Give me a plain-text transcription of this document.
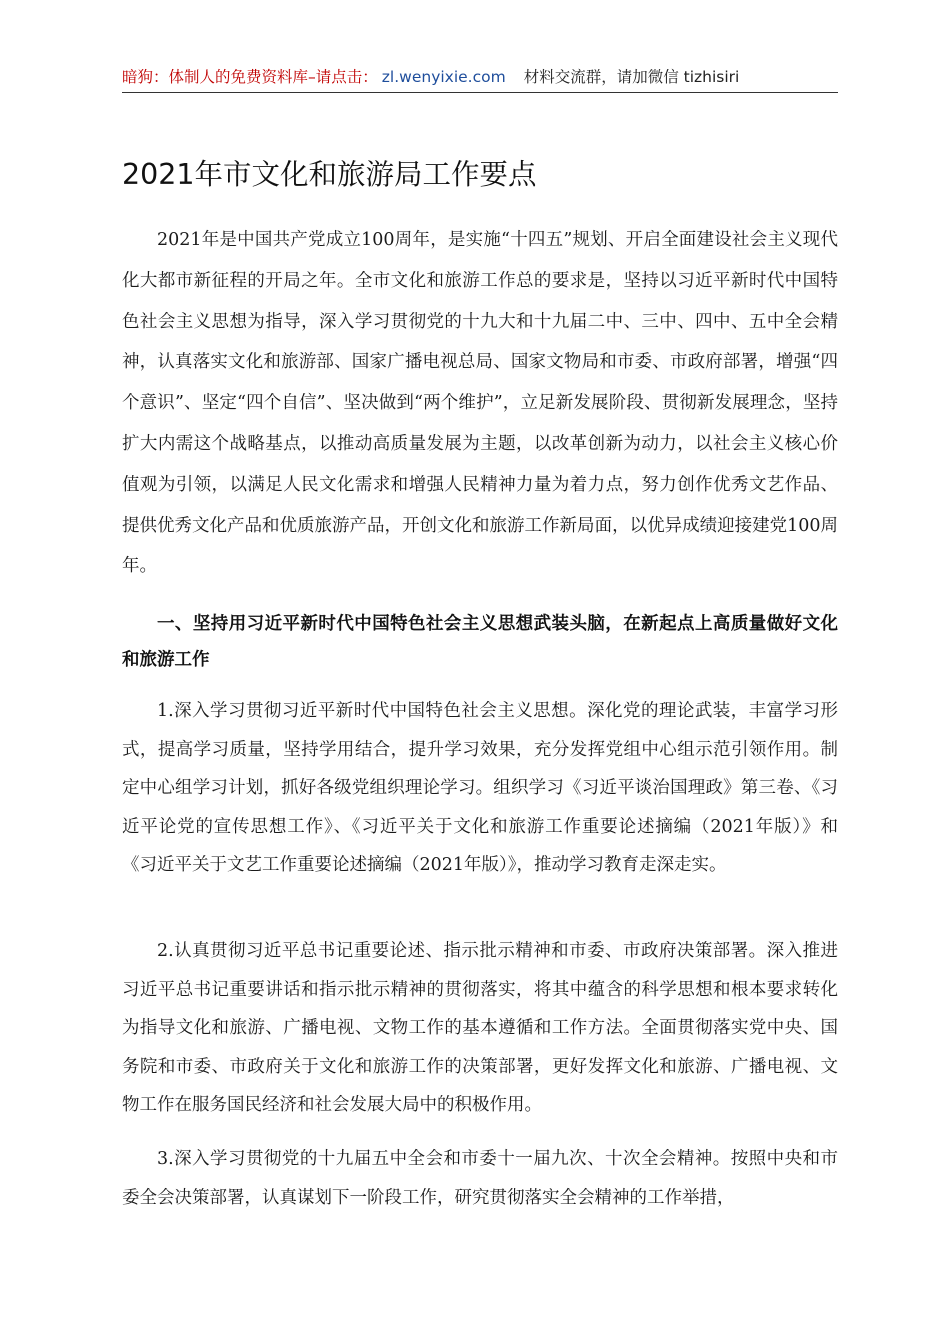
暗狗：体制人的免费资料库–请点击： zl.wenyixie.com 材料交流群，请加微信 tizhisiri
2021年市文化和旅游局工作要点

2021年是中国共产党成立100周年，是实施“十四五”规划、开启全面建设社会主义现代化大都市新征程的开局之年。全市文化和旅游工作总的要求是，坚持以习近平新时代中国特色社会主义思想为指导，深入学习贯彻党的十九大和十九届二中、三中、四中、五中全会精神，认真落实文化和旅游部、国家广播电视总局、国家文物局和市委、市政府部署，增强“四个意识”、坚定“四个自信”、坚决做到“两个维护”，立足新发展阶段、贯彻新发展理念，坚持扩大内需这个战略基点，以推动高质量发展为主题，以改革创新为动力，以社会主义核心价值观为引领，以满足人民文化需求和增强人民精神力量为着力点，努力创作优秀文艺作品、提供优秀文化产品和优质旅游产品，开创文化和旅游工作新局面，以优异成绩迎接建党100周年。

一、坚持用习近平新时代中国特色社会主义思想武装头脑，在新起点上高质量做好文化和旅游工作

1.深入学习贯彻习近平新时代中国特色社会主义思想。深化党的理论武装，丰富学习形式，提高学习质量，坚持学用结合，提升学习效果，充分发挥党组中心组示范引领作用。制定中心组学习计划，抓好各级党组织理论学习。组织学习《习近平谈治国理政》第三卷、《习近平论党的宣传思想工作》、《习近平关于文化和旅游工作重要论述摘编（2021年版）》和《习近平关于文艺工作重要论述摘编（2021年版）》，推动学习教育走深走实。

2.认真贯彻习近平总书记重要论述、指示批示精神和市委、市政府决策部署。深入推进习近平总书记重要讲话和指示批示精神的贯彻落实，将其中蕴含的科学思想和根本要求转化为指导文化和旅游、广播电视、文物工作的基本遵循和工作方法。全面贯彻落实党中央、国务院和市委、市政府关于文化和旅游工作的决策部署，更好发挥文化和旅游、广播电视、文物工作在服务国民经济和社会发展大局中的积极作用。

3.深入学习贯彻党的十九届五中全会和市委十一届九次、十次全会精神。按照中央和市委全会决策部署，认真谋划下一阶段工作，研究贯彻落实全会精神的工作举措，
